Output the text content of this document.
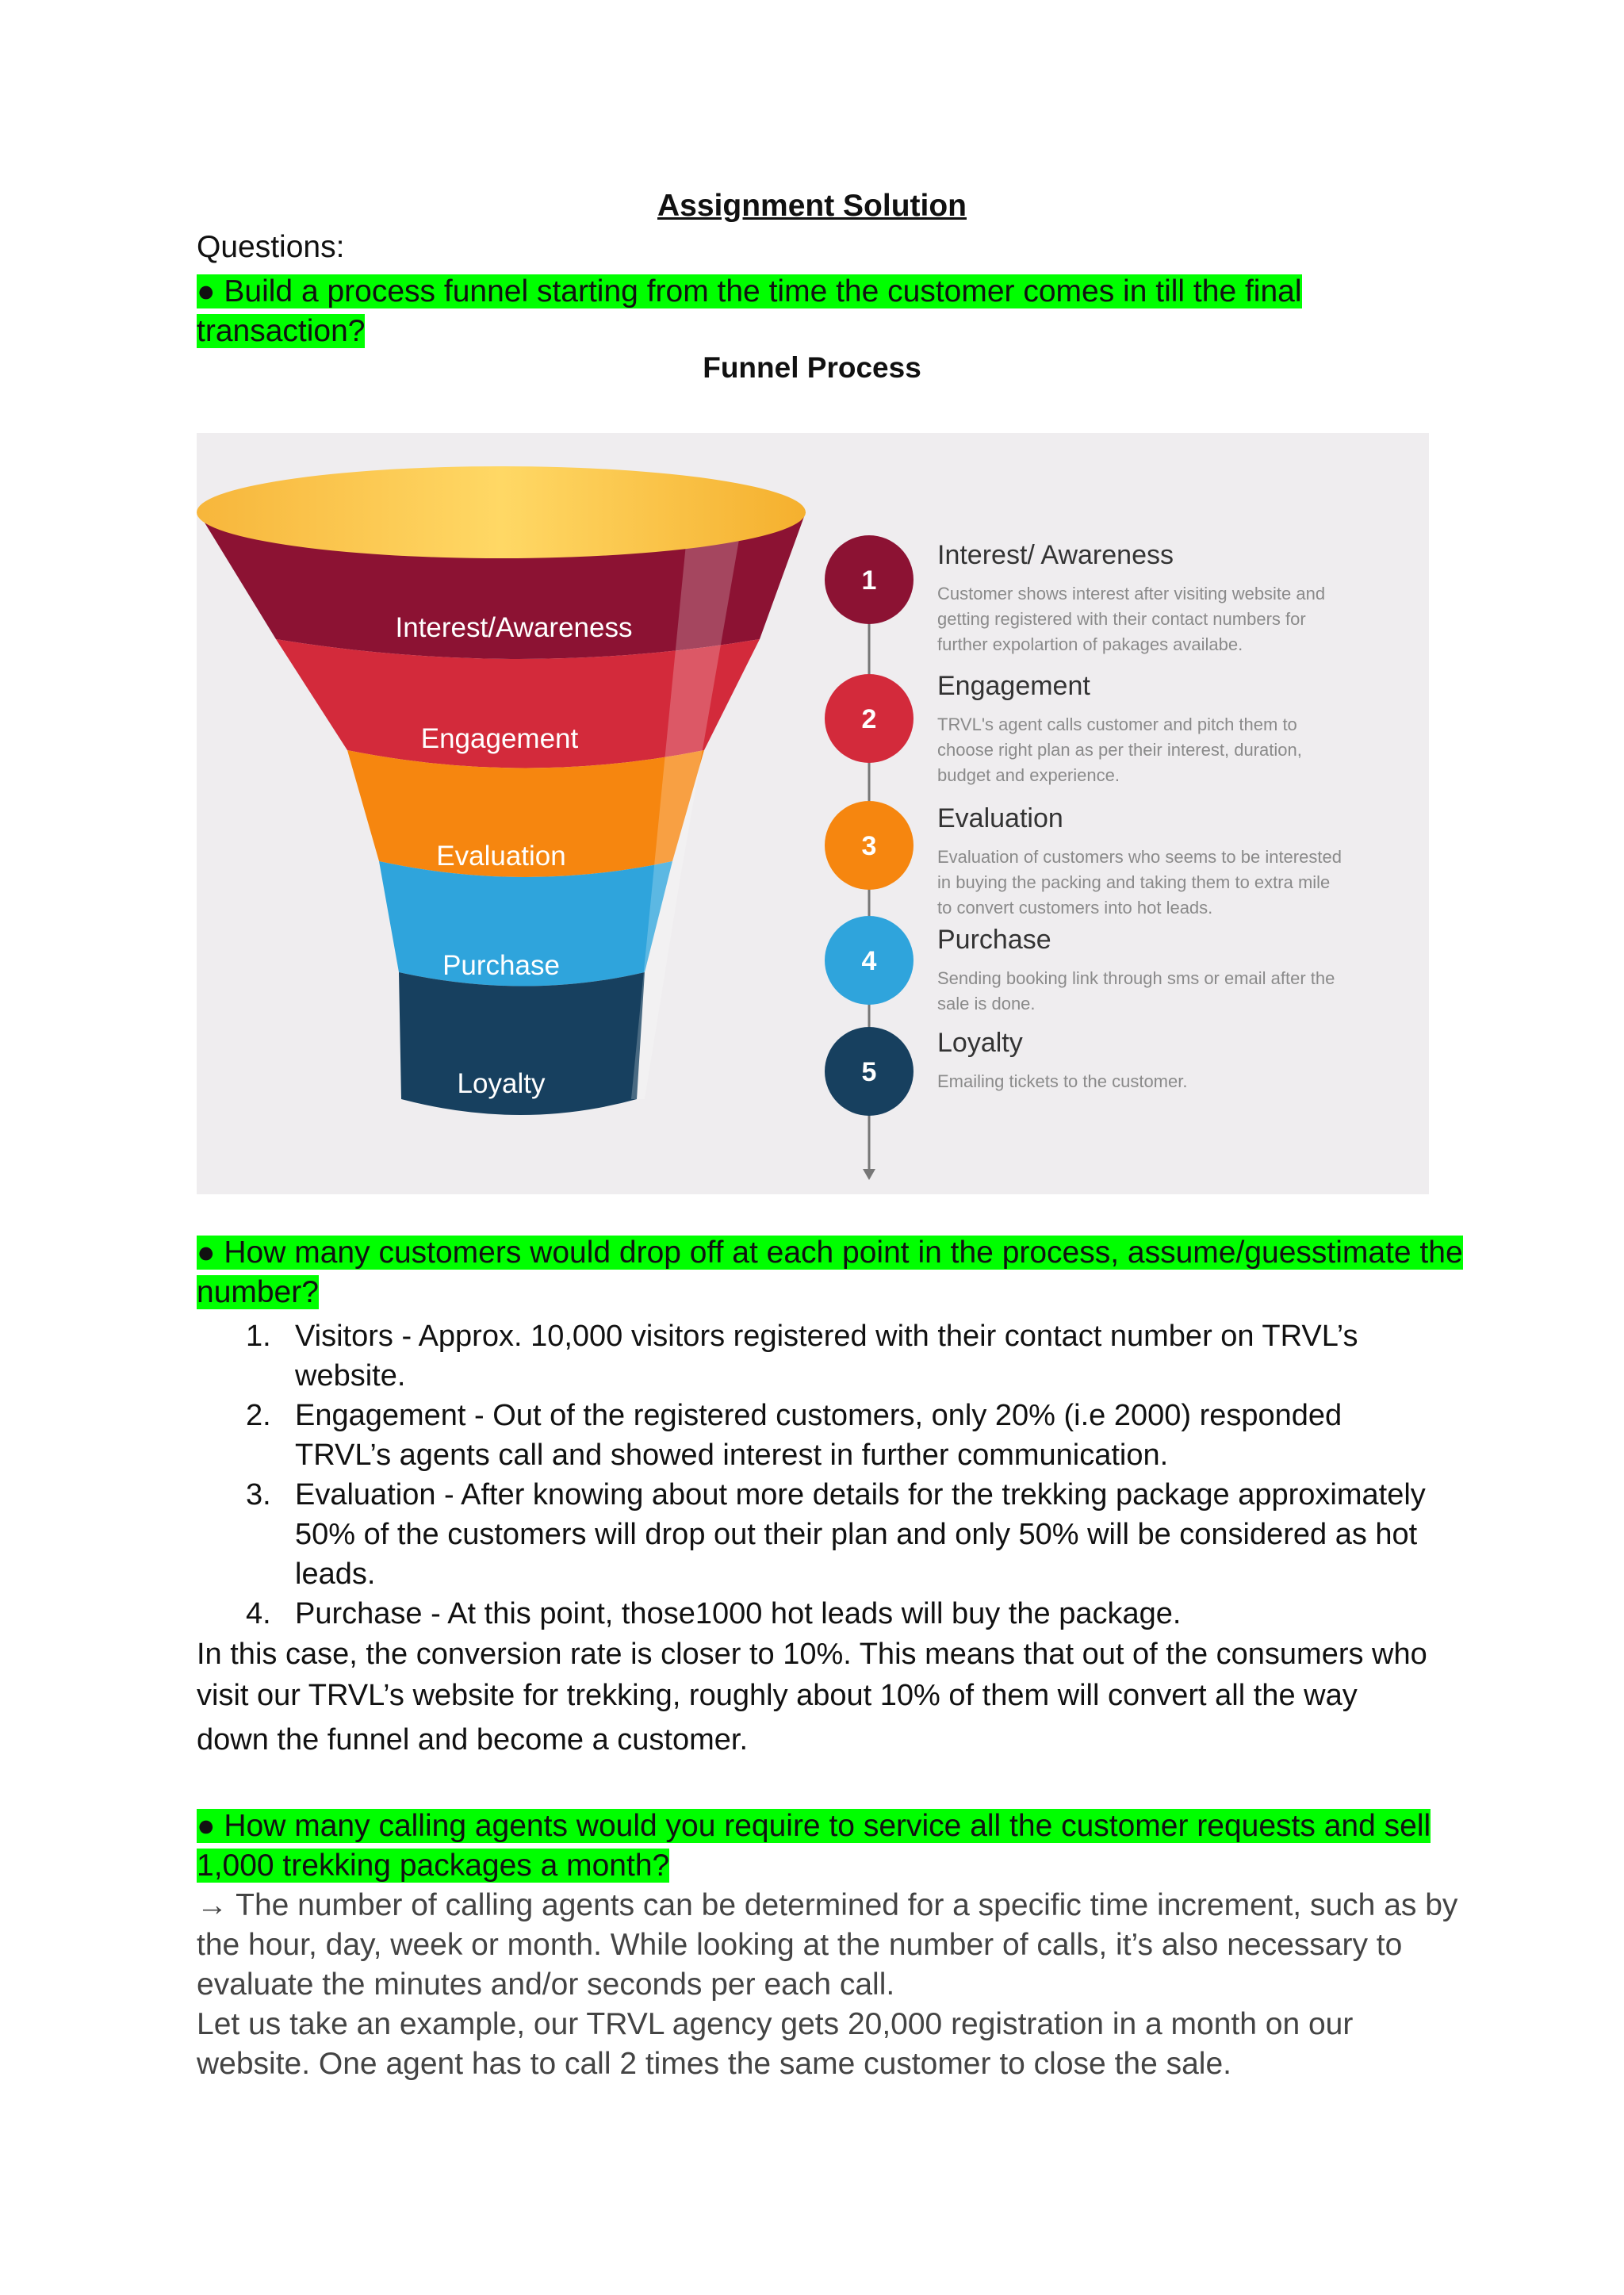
Assignment Solution
Questions:
● Build a process funnel starting from the time the customer comes in till the final
transaction?
Funnel Process
Interest/Awareness
Engagement
Evaluation
Purchase
Loyalty
1
Interest/ Awareness
Customer shows interest after visiting website and
getting registered with their contact numbers for
further expolartion of pakages availabe.
2
Engagement
TRVL's agent calls customer and pitch them to
choose right plan as per their interest, duration,
budget and experience.
3
Evaluation
Evaluation of customers who seems to be interested
in buying the packing and taking them to extra mile
to convert customers into hot leads.
4
Purchase
Sending booking link through sms or email after the
sale is done.
5
Loyalty
Emailing tickets to the customer.
● How many customers would drop off at each point in the process, assume/guesstimate the
number?
1. Visitors - Approx. 10,000 visitors registered with their contact number on TRVL’s
website.
2. Engagement - Out of the registered customers, only 20% (i.e 2000) responded
TRVL’s agents call and showed interest in further communication.
3. Evaluation - After knowing about more details for the trekking package approximately
50% of the customers will drop out their plan and only 50% will be considered as hot
leads.
4. Purchase - At this point, those1000 hot leads will buy the package.
In this case, the conversion rate is closer to 10%. This means that out of the consumers who
visit our TRVL’s website for trekking, roughly about 10% of them will convert all the way
down the funnel and become a customer.
● How many calling agents would you require to service all the customer requests and sell
1,000 trekking packages a month?
→ The number of calling agents can be determined for a specific time increment, such as by
the hour, day, week or month. While looking at the number of calls, it’s also necessary to
evaluate the minutes and/or seconds per each call.
Let us take an example, our TRVL agency gets 20,000 registration in a month on our
website. One agent has to call 2 times the same customer to close the sale.
